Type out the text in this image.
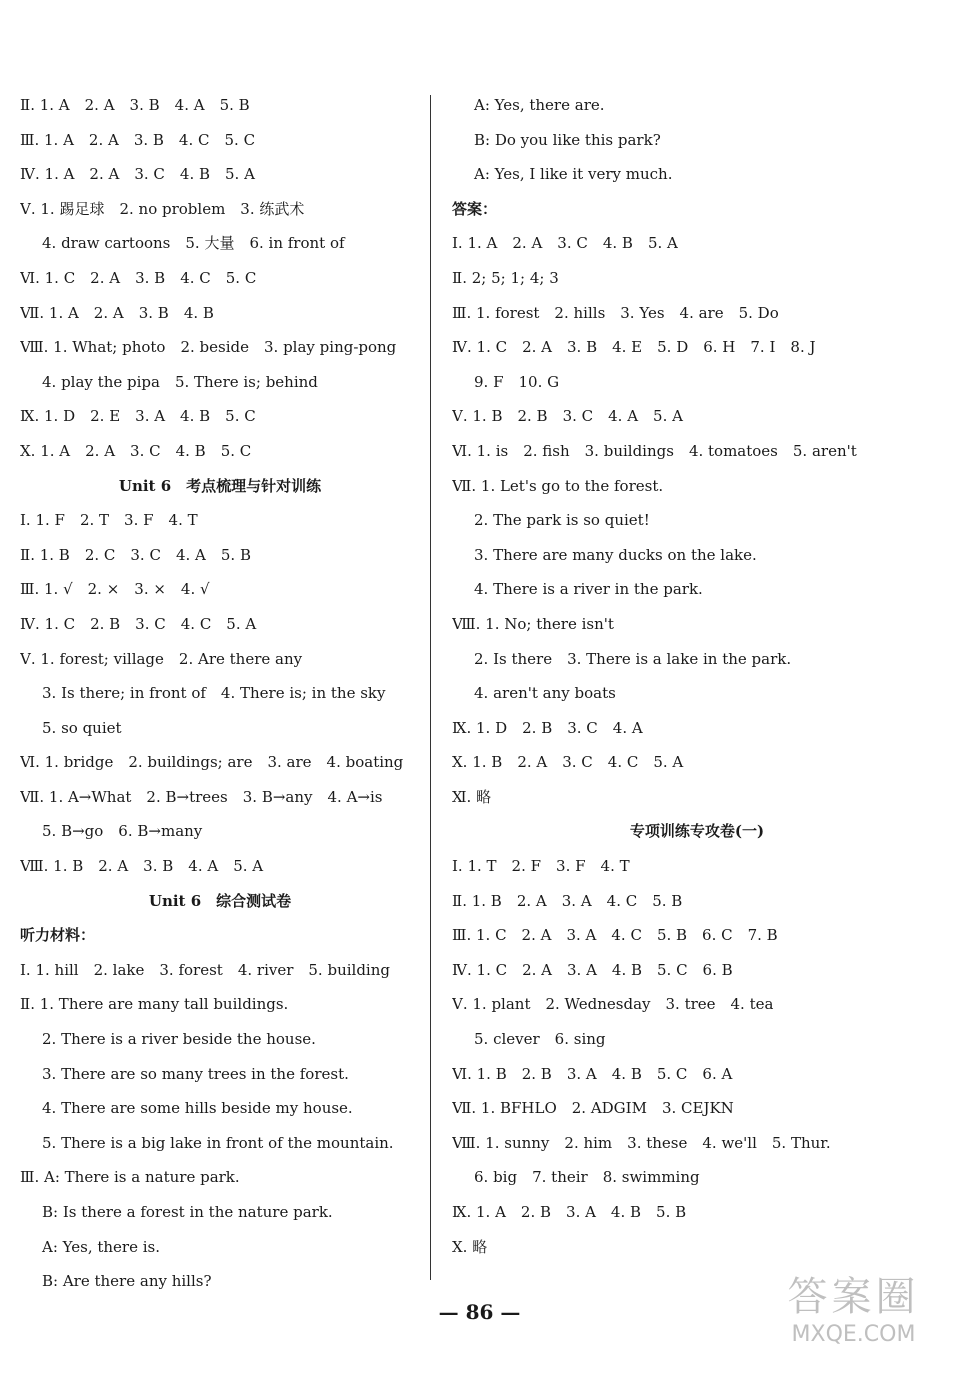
Ⅱ. 1. A　2. A　3. B　4. A　5. B
Ⅲ. 1. A　2. A　3. B　4. C　5. C
Ⅳ. 1. A　2. A　3. C　4. B　5. A
Ⅴ. 1. 踢足球　2. no problem　3. 练武术
4. draw cartoons　5. 大量　6. in front of
Ⅵ. 1. C　2. A　3. B　4. C　5. C
Ⅶ. 1. A　2. A　3. B　4. B
Ⅷ. 1. What; photo　2. beside　3. play ping-pong
4. play the pipa　5. There is; behind
Ⅸ. 1. D　2. E　3. A　4. B　5. C
Ⅹ. 1. A　2. A　3. C　4. B　5. C
Unit 6　考点梳理与针对训练
Ⅰ. 1. F　2. T　3. F　4. T
Ⅱ. 1. B　2. C　3. C　4. A　5. B
Ⅲ. 1. √　2. ×　3. ×　4. √
Ⅳ. 1. C　2. B　3. C　4. C　5. A
Ⅴ. 1. forest; village　2. Are there any
3. Is there; in front of　4. There is; in the sky
5. so quiet
Ⅵ. 1. bridge　2. buildings; are　3. are　4. boating
Ⅶ. 1. A→What　2. B→trees　3. B→any　4. A→is
5. B→go　6. B→many
Ⅷ. 1. B　2. A　3. B　4. A　5. A
Unit 6　综合测试卷
听力材料：
Ⅰ. 1. hill　2. lake　3. forest　4. river　5. building
Ⅱ. 1. There are many tall buildings.
2. There is a river beside the house.
3. There are so many trees in the forest.
4. There are some hills beside my house.
5. There is a big lake in front of the mountain.
Ⅲ. A: There is a nature park.
B: Is there a forest in the nature park.
A: Yes, there is.
B: Are there any hills?
A: Yes, there are.
B: Do you like this park?
A: Yes, I like it very much.
答案：
Ⅰ. 1. A　2. A　3. C　4. B　5. A
Ⅱ. 2; 5; 1; 4; 3
Ⅲ. 1. forest　2. hills　3. Yes　4. are　5. Do
Ⅳ. 1. C　2. A　3. B　4. E　5. D　6. H　7. I　8. J
9. F　10. G
Ⅴ. 1. B　2. B　3. C　4. A　5. A
Ⅵ. 1. is　2. fish　3. buildings　4. tomatoes　5. aren't
Ⅶ. 1. Let's go to the forest.
2. The park is so quiet!
3. There are many ducks on the lake.
4. There is a river in the park.
Ⅷ. 1. No; there isn't
2. Is there　3. There is a lake in the park.
4. aren't any boats
Ⅸ. 1. D　2. B　3. C　4. A
Ⅹ. 1. B　2. A　3. C　4. C　5. A
Ⅺ. 略
专项训练专攻卷(一)
Ⅰ. 1. T　2. F　3. F　4. T
Ⅱ. 1. B　2. A　3. A　4. C　5. B
Ⅲ. 1. C　2. A　3. A　4. C　5. B　6. C　7. B
Ⅳ. 1. C　2. A　3. A　4. B　5. C　6. B
Ⅴ. 1. plant　2. Wednesday　3. tree　4. tea
5. clever　6. sing
Ⅵ. 1. B　2. B　3. A　4. B　5. C　6. A
Ⅶ. 1. BFHLO　2. ADGIM　3. CEJKN
Ⅷ. 1. sunny　2. him　3. these　4. we'll　5. Thur.
6. big　7. their　8. swimming
Ⅸ. 1. A　2. B　3. A　4. B　5. B
Ⅹ. 略
— 86 —	答案圈
MXQE.COM
